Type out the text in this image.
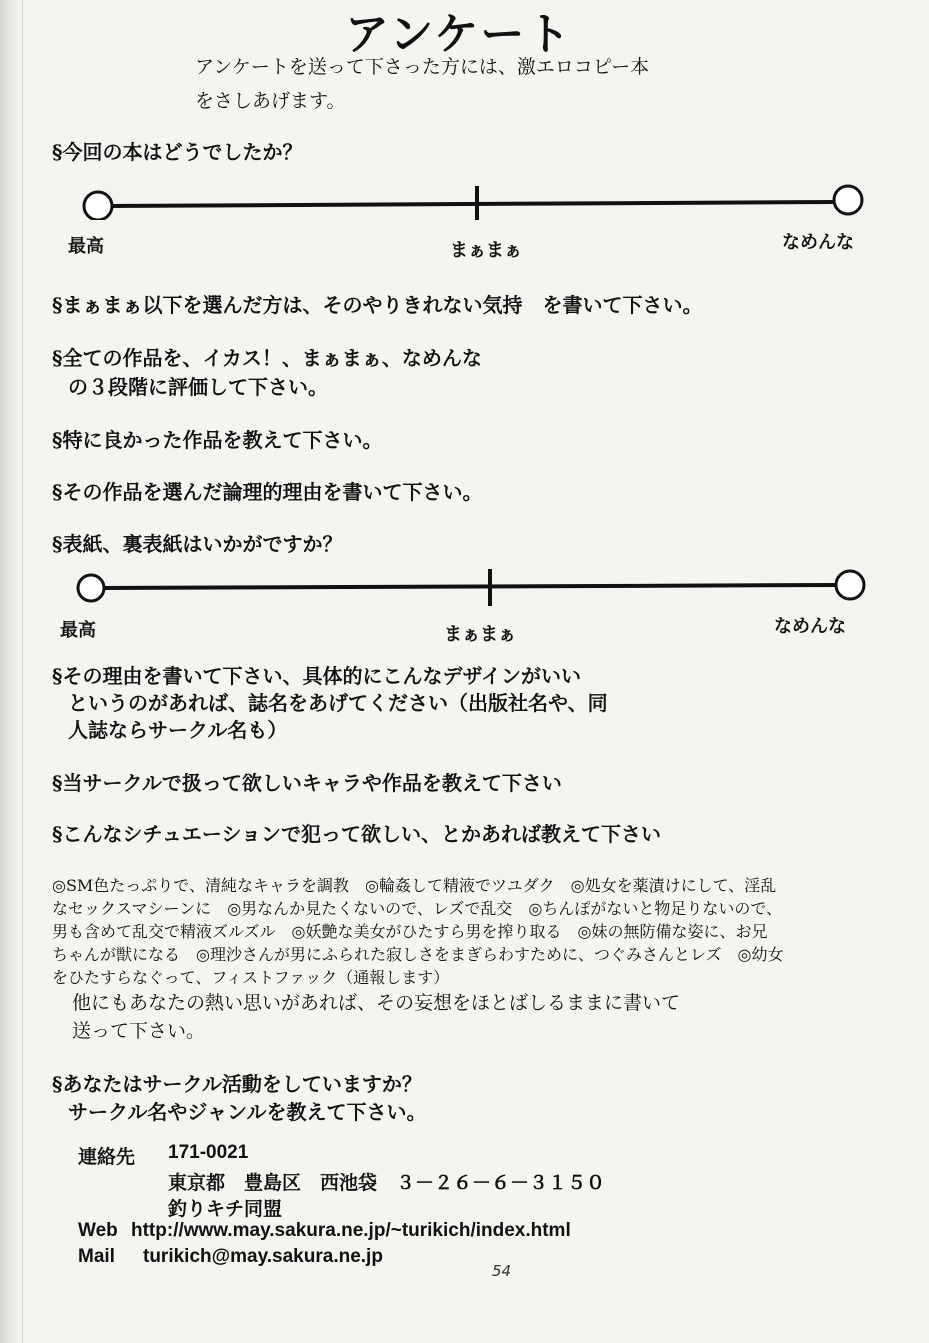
アンケート
アンケートを送って下さった方には、激エロコピー本
をさしあげます。
§今回の本はどうでしたか？
最高	まぁまぁ	なめんな
§まぁまぁ以下を選んだ方は、そのやりきれない気持　を書いて下さい。
§全ての作品を、イカス！、まぁまぁ、なめんな
の３段階に評価して下さい。
§特に良かった作品を教えて下さい。
§その作品を選んだ論理的理由を書いて下さい。
§表紙、裏表紙はいかがですか？
最高	まぁまぁ	なめんな
§その理由を書いて下さい、具体的にこんなデザインがいい
というのがあれば、誌名をあげてください（出版社名や、同
人誌ならサークル名も）
§当サークルで扱って欲しいキャラや作品を教えて下さい
§こんなシチュエーションで犯って欲しい、とかあれば教えて下さい
◎SM色たっぷりで、清純なキャラを調教　◎輪姦して精液でツユダク　◎処女を薬漬けにして、淫乱
なセックスマシーンに　◎男なんか見たくないので、レズで乱交　◎ちんぽがないと物足りないので、
男も含めて乱交で精液ズルズル　◎妖艶な美女がひたすら男を搾り取る　◎妹の無防備な姿に、お兄
ちゃんが獣になる　◎理沙さんが男にふられた寂しさをまぎらわすために、つぐみさんとレズ　◎幼女
をひたすらなぐって、フィストファック（通報します）
他にもあなたの熱い思いがあれば、その妄想をほとばしるままに書いて
送って下さい。
§あなたはサークル活動をしていますか？
サークル名やジャンルを教えて下さい。
連絡先 171-0021
東京都　豊島区　西池袋　３－２６－６－３１５０
釣りキチ同盟
Web http://www.may.sakura.ne.jp/~turikich/index.html
Mail turikich@may.sakura.ne.jp
54
